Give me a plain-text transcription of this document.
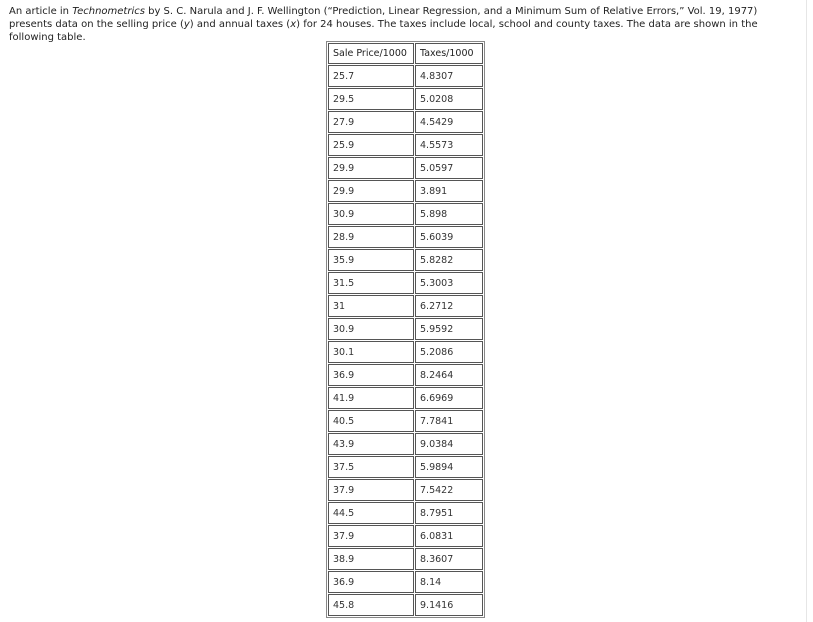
An article in Technometrics by S. C. Narula and J. F. Wellington (“Prediction, Linear Regression, and a Minimum Sum of Relative Errors,” Vol. 19, 1977) presents data on the selling price (y) and annual taxes (x) for 24 houses. The taxes include local, school and county taxes. The data are shown in the following table.

Sale Price/1000	Taxes/1000
25.7	4.8307
29.5	5.0208
27.9	4.5429
25.9	4.5573
29.9	5.0597
29.9	3.891
30.9	5.898
28.9	5.6039
35.9	5.8282
31.5	5.3003
31	6.2712
30.9	5.9592
30.1	5.2086
36.9	8.2464
41.9	6.6969
40.5	7.7841
43.9	9.0384
37.5	5.9894
37.9	7.5422
44.5	8.7951
37.9	6.0831
38.9	8.3607
36.9	8.14
45.8	9.1416
